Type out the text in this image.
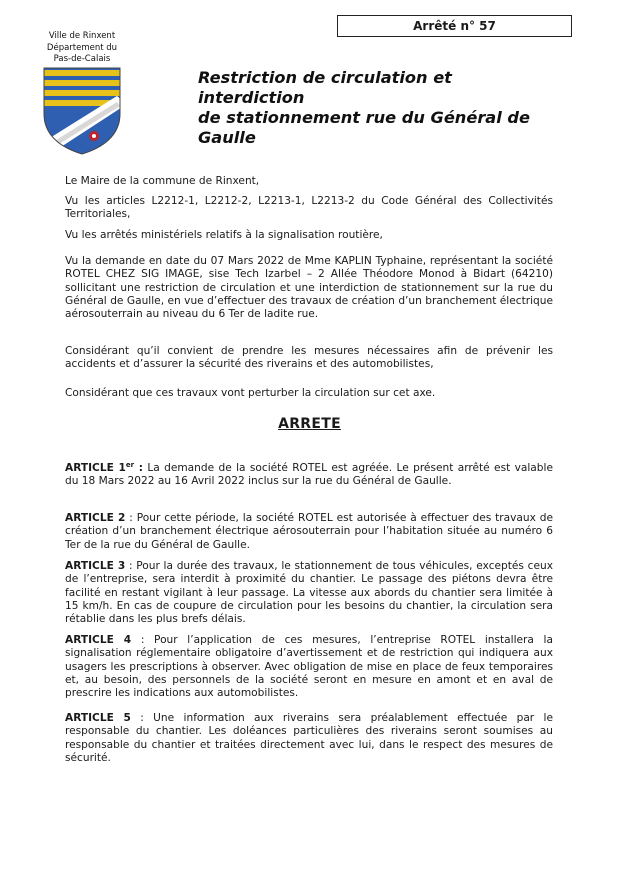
Ville de Rinxent
Département du
Pas-de-Calais
Arrêté n° 57
Restriction de circulation et interdiction
de stationnement rue du Général de
Gaulle

Le Maire de la commune de Rinxent,

Vu les articles L2212-1, L2212-2, L2213-1, L2213-2 du Code Général des Collectivités Territoriales,

Vu les arrêtés ministériels relatifs à la signalisation routière,

Vu la demande en date du 07 Mars 2022 de Mme KAPLIN Typhaine, représentant la société ROTEL CHEZ SIG IMAGE, sise Tech Izarbel – 2 Allée Théodore Monod à Bidart (64210) sollicitant une restriction de circulation et une interdiction de stationnement sur la rue du Général de Gaulle, en vue d’effectuer des travaux de création d’un branchement électrique aérosouterrain au niveau du 6 Ter de ladite rue.

Considérant qu’il convient de prendre les mesures nécessaires afin de prévenir les accidents et d’assurer la sécurité des riverains et des automobilistes,

Considérant que ces travaux vont perturber la circulation sur cet axe.

ARRETE

ARTICLE 1er : La demande de la société ROTEL est agréée. Le présent arrêté est valable du 18 Mars 2022 au 16 Avril 2022 inclus sur la rue du Général de Gaulle.

ARTICLE 2 : Pour cette période, la société ROTEL est autorisée à effectuer des travaux de création d’un branchement électrique aérosouterrain pour l’habitation située au numéro 6 Ter de la rue du Général de Gaulle.

ARTICLE 3 : Pour la durée des travaux, le stationnement de tous véhicules, exceptés ceux de l’entreprise, sera interdit à proximité du chantier. Le passage des piétons devra être facilité en restant vigilant à leur passage. La vitesse aux abords du chantier sera limitée à 15 km/h. En cas de coupure de circulation pour les besoins du chantier, la circulation sera rétablie dans les plus brefs délais.

ARTICLE 4 : Pour l’application de ces mesures, l’entreprise ROTEL installera la signalisation réglementaire obligatoire d’avertissement et de restriction qui indiquera aux usagers les prescriptions à observer. Avec obligation de mise en place de feux temporaires et, au besoin, des personnels de la société seront en mesure en amont et en aval de prescrire les indications aux automobilistes.

ARTICLE 5 : Une information aux riverains sera préalablement effectuée par le responsable du chantier. Les doléances particulières des riverains seront soumises au responsable du chantier et traitées directement avec lui, dans le respect des mesures de sécurité.
